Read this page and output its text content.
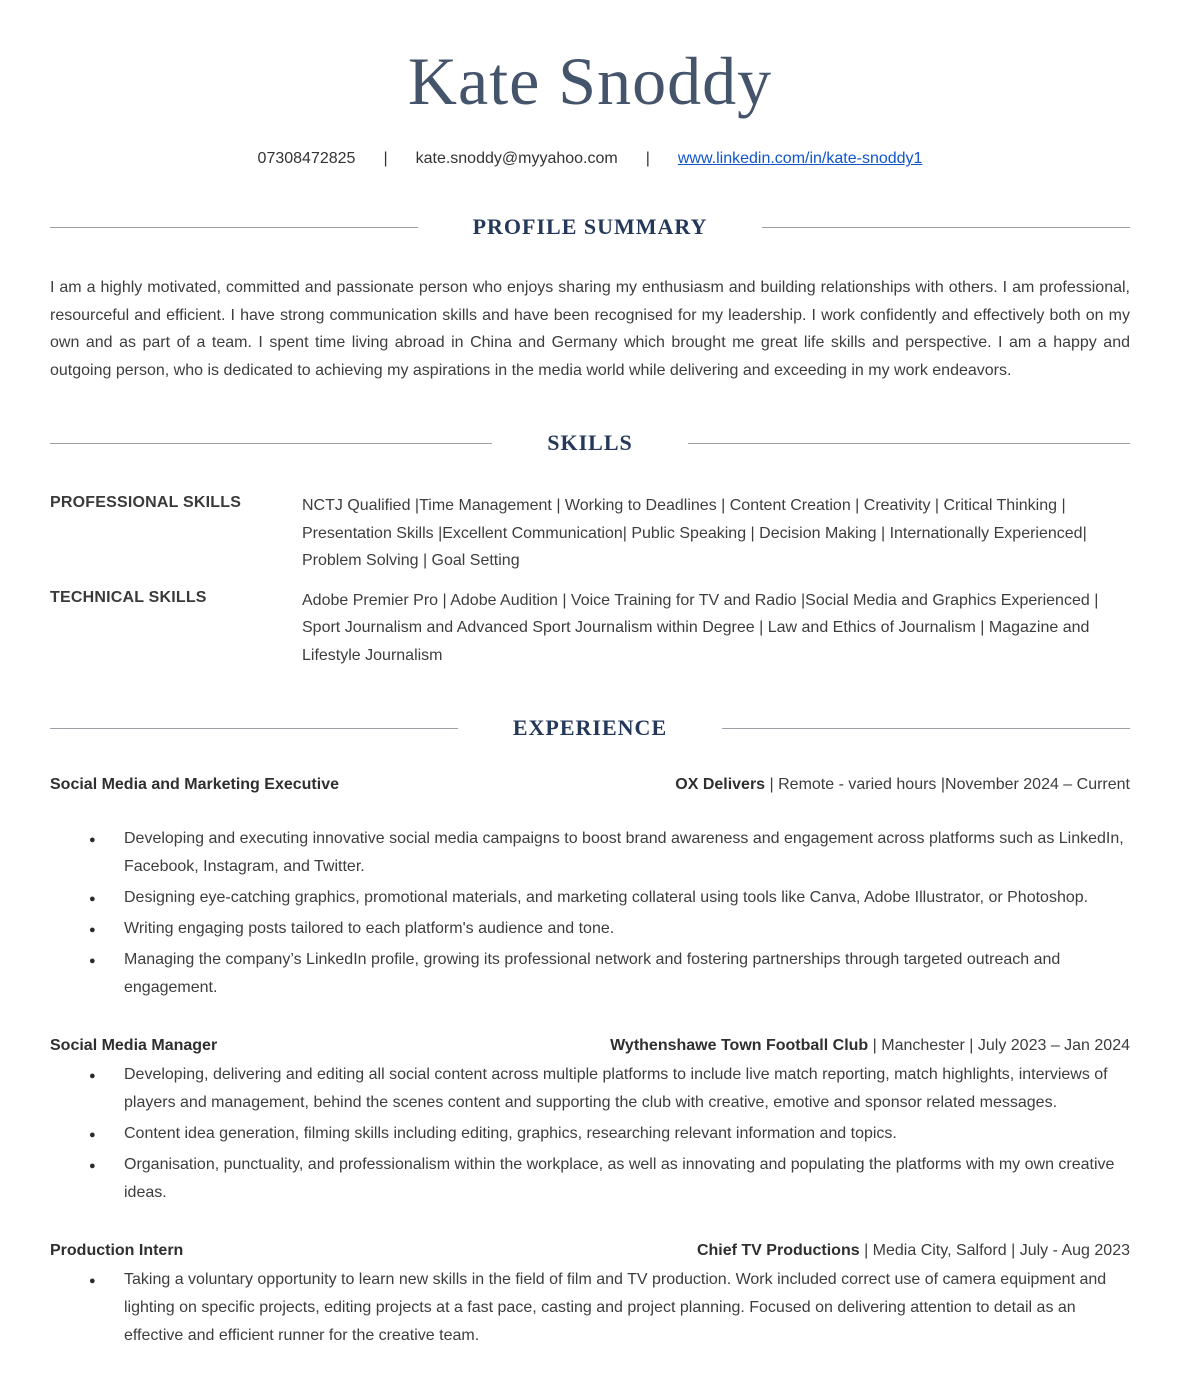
Kate Snoddy
07308472825 | kate.snoddy@myyahoo.com | www.linkedin.com/in/kate-snoddy1
PROFILE SUMMARY

I am a highly motivated, committed and passionate person who enjoys sharing my enthusiasm and building relationships with others. I am professional, resourceful and efficient. I have strong communication skills and have been recognised for my leadership. I work confidently and effectively both on my own and as part of a team. I spent time living abroad in China and Germany which brought me great life skills and perspective. I am a happy and outgoing person, who is dedicated to achieving my aspirations in the media world while delivering and exceeding in my work endeavors.

SKILLS
PROFESSIONAL SKILLS	NCTJ Qualified |Time Management | Working to Deadlines | Content Creation | Creativity | Critical Thinking | Presentation Skills |Excellent Communication| Public Speaking | Decision Making | Internationally Experienced| Problem Solving | Goal Setting
TECHNICAL SKILLS	Adobe Premier Pro | Adobe Audition | Voice Training for TV and Radio |Social Media and Graphics Experienced | Sport Journalism and Advanced Sport Journalism within Degree | Law and Ethics of Journalism | Magazine and Lifestyle Journalism
EXPERIENCE
Social Media and Marketing Executive	OX Delivers | Remote - varied hours |November 2024 – Current
● Developing and executing innovative social media campaigns to boost brand awareness and engagement across platforms such as LinkedIn, Facebook, Instagram, and Twitter.
● Designing eye-catching graphics, promotional materials, and marketing collateral using tools like Canva, Adobe Illustrator, or Photoshop.
● Writing engaging posts tailored to each platform's audience and tone.
● Managing the company’s LinkedIn profile, growing its professional network and fostering partnerships through targeted outreach and engagement.
Social Media Manager	Wythenshawe Town Football Club | Manchester | July 2023 – Jan 2024
● Developing, delivering and editing all social content across multiple platforms to include live match reporting, match highlights, interviews of players and management, behind the scenes content and supporting the club with creative, emotive and sponsor related messages.
● Content idea generation, filming skills including editing, graphics, researching relevant information and topics.
● Organisation, punctuality, and professionalism within the workplace, as well as innovating and populating the platforms with my own creative ideas.
Production Intern	Chief TV Productions | Media City, Salford | July - Aug 2023
● Taking a voluntary opportunity to learn new skills in the field of film and TV production. Work included correct use of camera equipment and lighting on specific projects, editing projects at a fast pace, casting and project planning. Focused on delivering attention to detail as an effective and efficient runner for the creative team.
